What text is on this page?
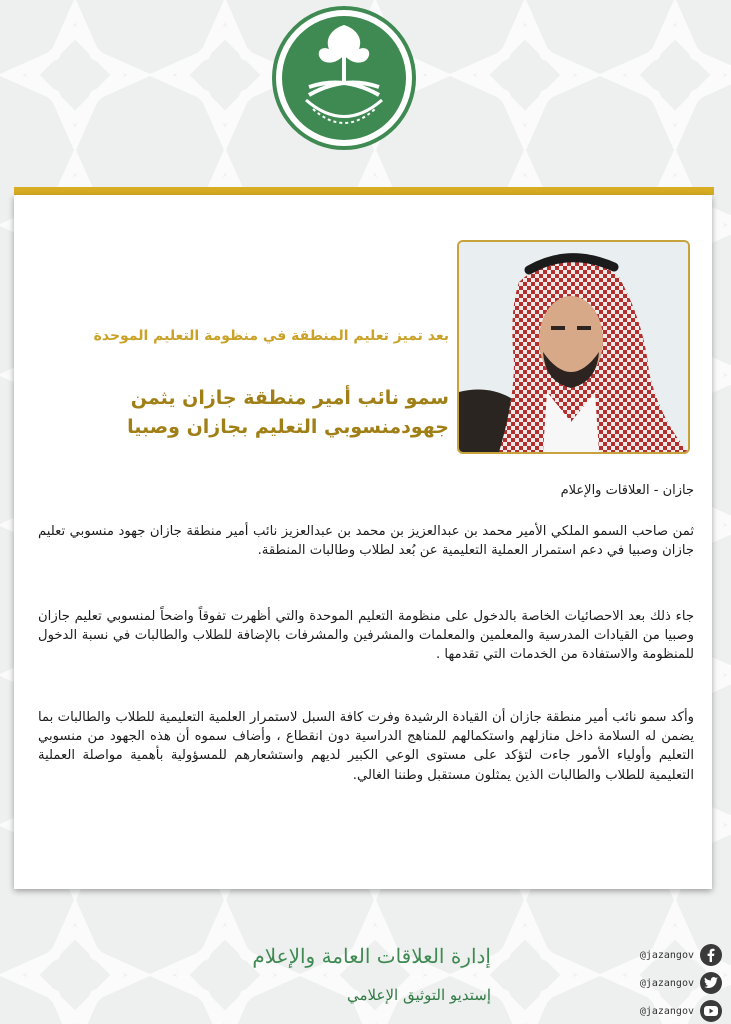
بعد تميز تعليم المنطقة في منظومة التعليم الموحدة
سمو نائب أمير منطقة جازان يثمن
جهودمنسوبي التعليم بجازان وصبيا
جازان - العلاقات والإعلام

ثمن صاحب السمو الملكي الأمير محمد بن عبدالعزيز بن محمد بن عبدالعزيز نائب أمير منطقة جازان جهود منسوبي تعليم جازان وصبيا في دعم استمرار العملية التعليمية عن بُعد لطلاب وطالبات المنطقة.

جاء ذلك بعد الاحصائيات الخاصة بالدخول على منظومة التعليم الموحدة والتي أظهرت تفوقاً واضحاً لمنسوبي تعليم جازان وصبيا من القيادات المدرسية والمعلمين والمعلمات والمشرفين والمشرفات بالإضافة للطلاب والطالبات في نسبة الدخول للمنظومة والاستفادة من الخدمات التي تقدمها .

وأكد سمو نائب أمير منطقة جازان أن القيادة الرشيدة وفرت كافة السبل لاستمرار العلمية التعليمية للطلاب والطالبات بما يضمن له السلامة داخل منازلهم واستكمالهم للمناهج الدراسية دون انقطاع ، وأضاف سموه أن هذه الجهود من منسوبي التعليم وأولياء الأمور جاءت لتؤكد على مستوى الوعي الكبير لديهم واستشعارهم للمسؤولية بأهمية مواصلة العملية التعليمية للطلاب والطالبات الذين يمثلون مستقبل وطننا الغالي.

إدارة العلاقات العامة والإعلام
إستديو التوثيق الإعلامي
@jazangov
@jazangov
@jazangov
